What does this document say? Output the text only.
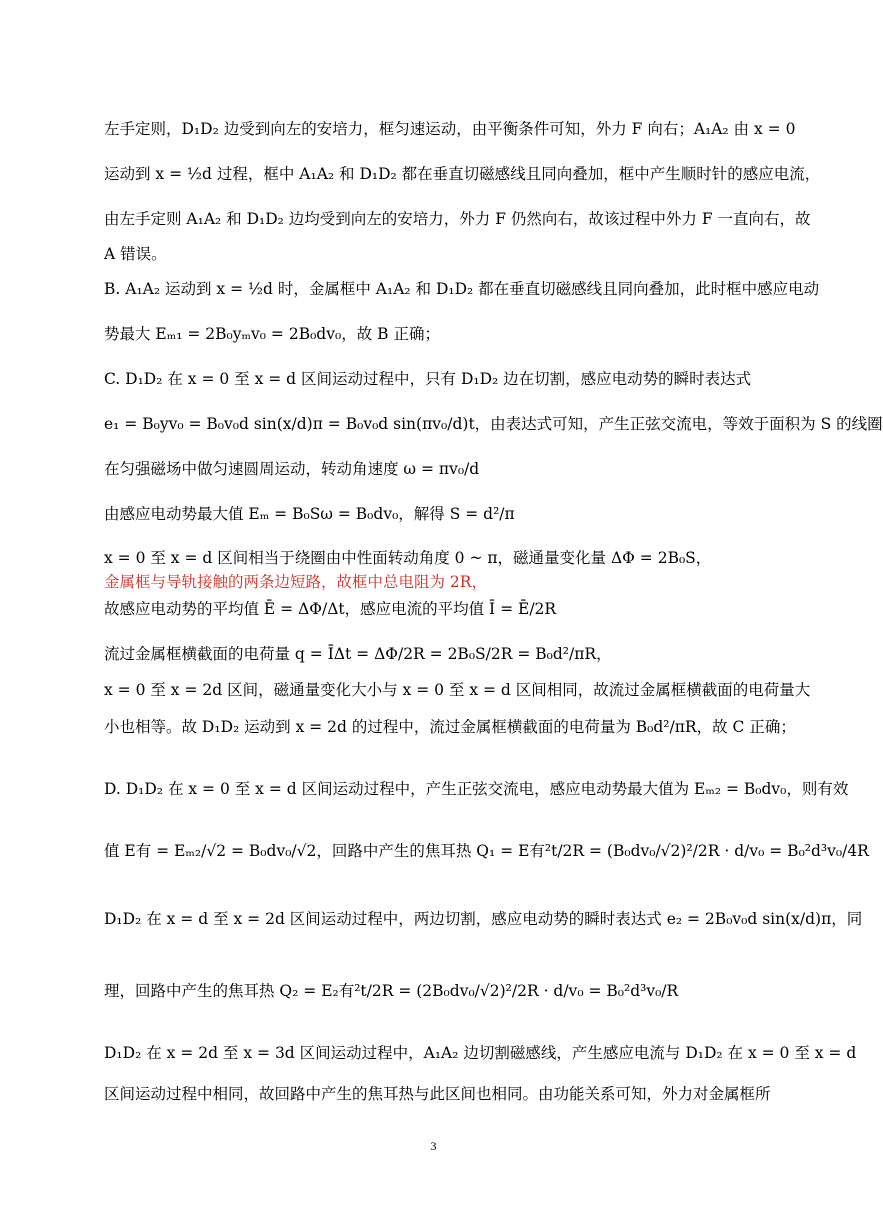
左手定则，D₁D₂ 边受到向左的安培力，框匀速运动，由平衡条件可知，外力 F 向右；A₁A₂ 由 x = 0
运动到 x = ½d 过程，框中 A₁A₂ 和 D₁D₂ 都在垂直切磁感线且同向叠加，框中产生顺时针的感应电流，
由左手定则 A₁A₂ 和 D₁D₂ 边均受到向左的安培力，外力 F 仍然向右，故该过程中外力 F 一直向右，故
A 错误。
B. A₁A₂ 运动到 x = ½d 时，金属框中 A₁A₂ 和 D₁D₂ 都在垂直切磁感线且同向叠加，此时框中感应电动
势最大 Eₘ₁ = 2B₀yₘv₀ = 2B₀dv₀，故 B 正确；
C. D₁D₂ 在 x = 0 至 x = d 区间运动过程中，只有 D₁D₂ 边在切割，感应电动势的瞬时表达式
e₁ = B₀yv₀ = B₀v₀d sin(x/d)π = B₀v₀d sin(πv₀/d)t，由表达式可知，产生正弦交流电，等效于面积为 S 的线圈
在匀强磁场中做匀速圆周运动，转动角速度 ω = πv₀/d
由感应电动势最大值 Eₘ = B₀Sω = B₀dv₀，解得 S = d²/π
x = 0 至 x = d 区间相当于绕圈由中性面转动角度 0 ~ π，磁通量变化量 ΔΦ = 2B₀S，
金属框与导轨接触的两条边短路，故框中总电阻为 2R，
故感应电动势的平均值 Ē = ΔΦ/Δt，感应电流的平均值 Ī = Ē/2R
流过金属框横截面的电荷量 q = ĪΔt = ΔΦ/2R = 2B₀S/2R = B₀d²/πR，
x = 0 至 x = 2d 区间，磁通量变化大小与 x = 0 至 x = d 区间相同，故流过金属框横截面的电荷量大
小也相等。故 D₁D₂ 运动到 x = 2d 的过程中，流过金属框横截面的电荷量为 B₀d²/πR，故 C 正确；
D. D₁D₂ 在 x = 0 至 x = d 区间运动过程中，产生正弦交流电，感应电动势最大值为 Eₘ₂ = B₀dv₀，则有效
值 E有 = Eₘ₂/√2 = B₀dv₀/√2，回路中产生的焦耳热 Q₁ = E有²t/2R = (B₀dv₀/√2)²/2R · d/v₀ = B₀²d³v₀/4R
D₁D₂ 在 x = d 至 x = 2d 区间运动过程中，两边切割，感应电动势的瞬时表达式 e₂ = 2B₀v₀d sin(x/d)π，同
理，回路中产生的焦耳热 Q₂ = E₂有²t/2R = (2B₀dv₀/√2)²/2R · d/v₀ = B₀²d³v₀/R
D₁D₂ 在 x = 2d 至 x = 3d 区间运动过程中，A₁A₂ 边切割磁感线，产生感应电流与 D₁D₂ 在 x = 0 至 x = d
区间运动过程中相同，故回路中产生的焦耳热与此区间也相同。由功能关系可知，外力对金属框所
3
